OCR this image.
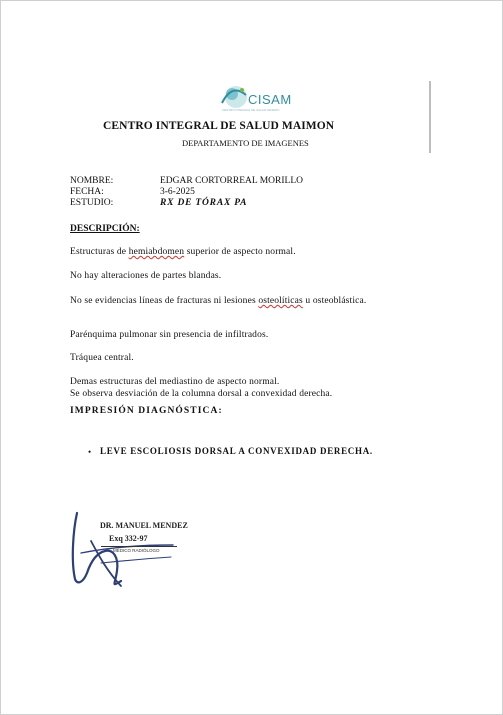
CISAM
CENTRO INTEGRAL DE SALUD MAIMON
CENTRO INTEGRAL DE SALUD MAIMON
DEPARTAMENTO DE IMAGENES
NOMBRE:	EDGAR CORTORREAL MORILLO
FECHA:	3-6-2025
ESTUDIO:	RX DE TÓRAX PA
DESCRIPCIÓN:
Estructuras de hemiabdomen superior de aspecto normal.
No hay alteraciones de partes blandas.
No se evidencias líneas de fracturas ni lesiones osteolíticas u osteoblástica.
Parénquima pulmonar sin presencia de infiltrados.
Tráquea central.
Demas estructuras del mediastino de aspecto normal.
Se observa desviación de la columna dorsal a convexidad derecha.
IMPRESIÓN DIAGNÓSTICA:
• LEVE ESCOLIOSIS DORSAL A CONVEXIDAD DERECHA.
DR. MANUEL MENDEZ
Exq 332-97
MÉDICO RADIÓLOGO
